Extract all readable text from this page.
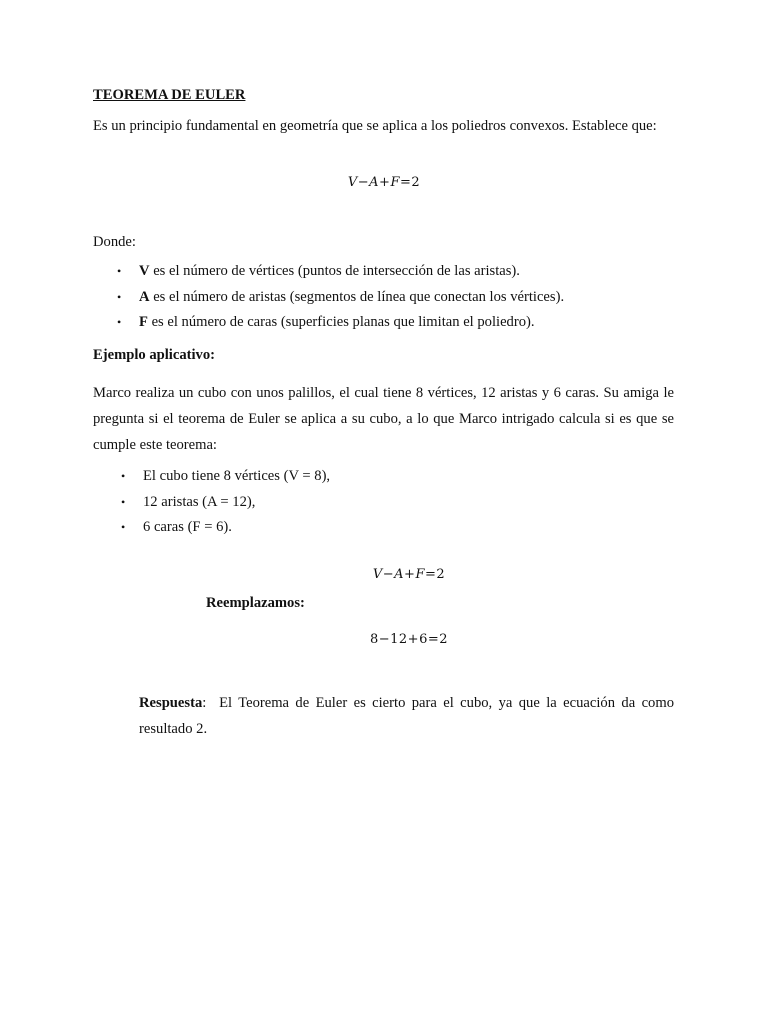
TEOREMA DE EULER
Es un principio fundamental en geometría que se aplica a los poliedros convexos. Establece que:
V−A+F=2
Donde:
• V es el número de vértices (puntos de intersección de las aristas).
• A es el número de aristas (segmentos de línea que conectan los vértices).
• F es el número de caras (superficies planas que limitan el poliedro).
Ejemplo aplicativo:
Marco realiza un cubo con unos palillos, el cual tiene 8 vértices, 12 aristas y 6 caras. Su amiga le pregunta si el teorema de Euler se aplica a su cubo, a lo que Marco intrigado calcula si es que se cumple este teorema:
• El cubo tiene 8 vértices (V = 8),
• 12 aristas (A = 12),
• 6 caras (F = 6).
V−A+F=2
Reemplazamos:
8−12+6=2
Respuesta:  El Teorema de Euler es cierto para el cubo, ya que la ecuación da como resultado 2.
